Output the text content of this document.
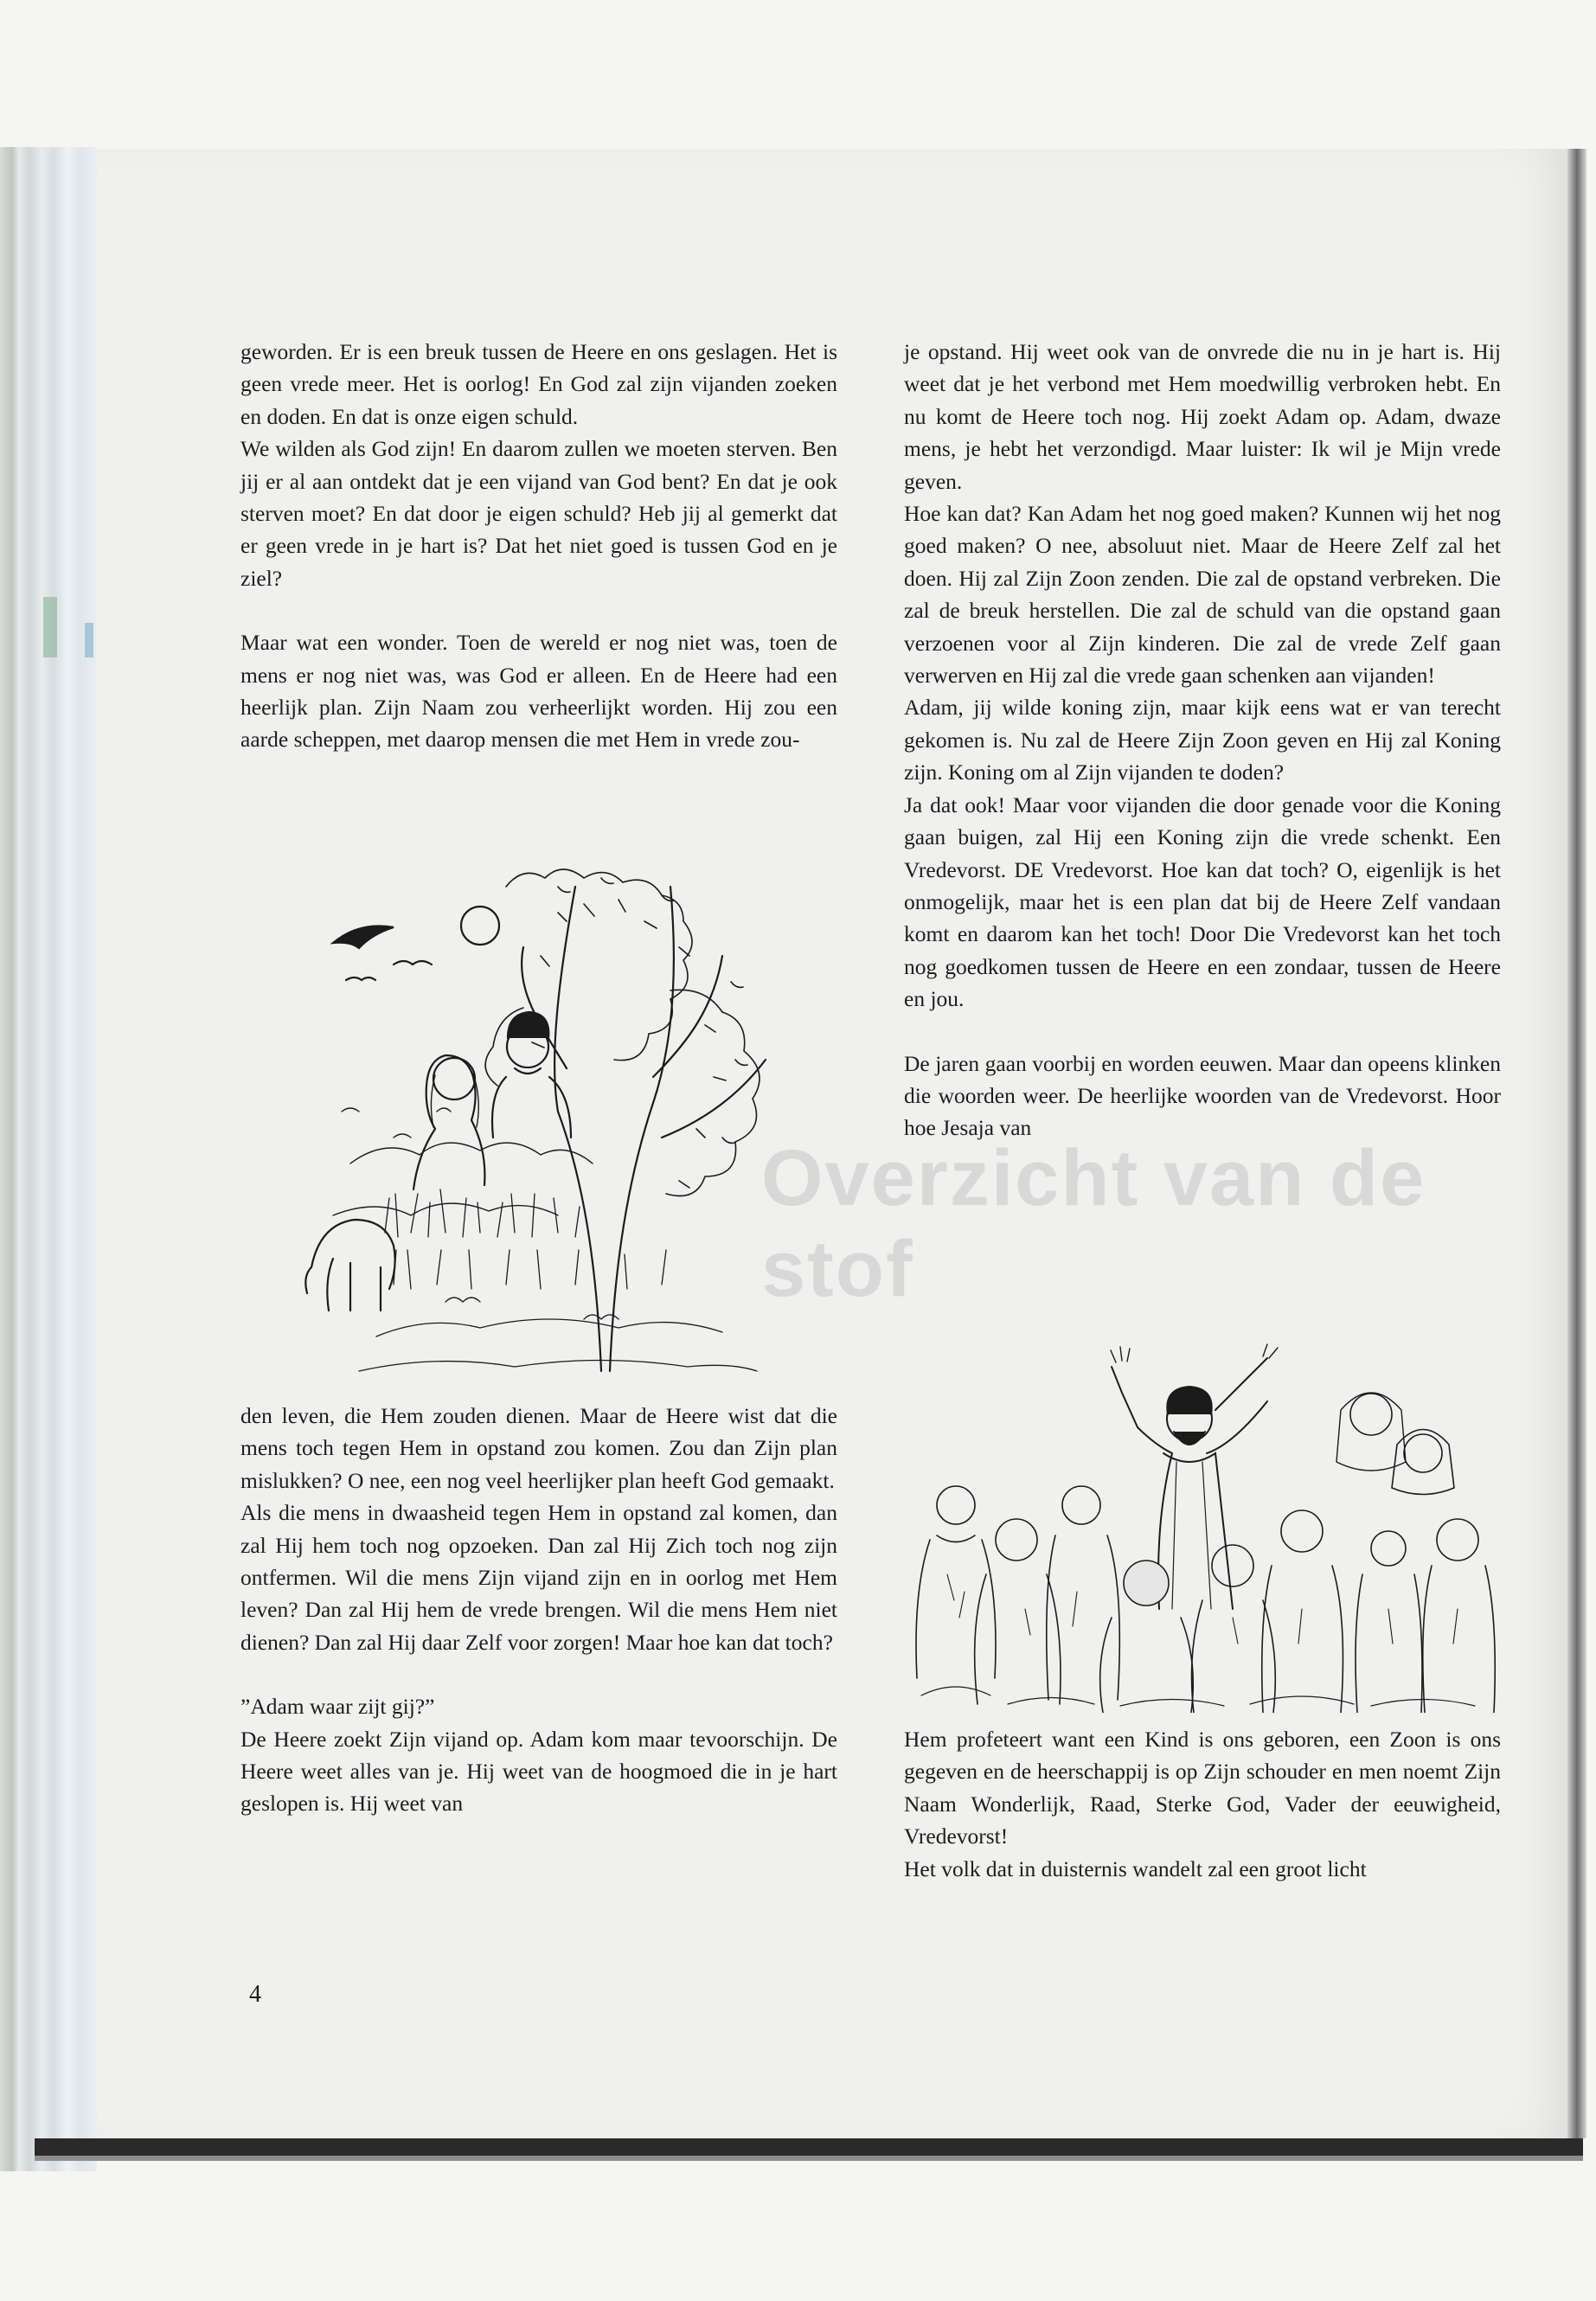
Overzicht van de stof

geworden. Er is een breuk tussen de Heere en ons geslagen. Het is geen vrede meer. Het is oorlog! En God zal zijn vijanden zoeken en doden. En dat is onze eigen schuld.

We wilden als God zijn! En daarom zullen we moeten sterven. Ben jij er al aan ontdekt dat je een vijand van God bent? En dat je ook sterven moet? En dat door je eigen schuld? Heb jij al gemerkt dat er geen vrede in je hart is? Dat het niet goed is tussen God en je ziel?

Maar wat een wonder. Toen de wereld er nog niet was, toen de mens er nog niet was, was God er alleen. En de Heere had een heerlijk plan. Zijn Naam zou verheerlijkt worden. Hij zou een aarde scheppen, met daarop mensen die met Hem in vrede zou-

den leven, die Hem zouden dienen. Maar de Heere wist dat die mens toch tegen Hem in opstand zou komen. Zou dan Zijn plan mislukken? O nee, een nog veel heerlijker plan heeft God gemaakt.

Als die mens in dwaasheid tegen Hem in opstand zal komen, dan zal Hij hem toch nog opzoeken. Dan zal Hij Zich toch nog zijn ontfermen. Wil die mens Zijn vijand zijn en in oorlog met Hem leven? Dan zal Hij hem de vrede brengen. Wil die mens Hem niet dienen? Dan zal Hij daar Zelf voor zorgen! Maar hoe kan dat toch?

”Adam waar zijt gij?”

De Heere zoekt Zijn vijand op. Adam kom maar tevoorschijn. De Heere weet alles van je. Hij weet van de hoogmoed die in je hart geslopen is. Hij weet van

je opstand. Hij weet ook van de onvrede die nu in je hart is. Hij weet dat je het verbond met Hem moedwillig verbroken hebt. En nu komt de Heere toch nog. Hij zoekt Adam op. Adam, dwaze mens, je hebt het verzondigd. Maar luister: Ik wil je Mijn vrede geven.

Hoe kan dat? Kan Adam het nog goed maken? Kunnen wij het nog goed maken? O nee, absoluut niet. Maar de Heere Zelf zal het doen. Hij zal Zijn Zoon zenden. Die zal de opstand verbreken. Die zal de breuk herstellen. Die zal de schuld van die opstand gaan verzoenen voor al Zijn kinderen. Die zal de vrede Zelf gaan verwerven en Hij zal die vrede gaan schenken aan vijanden!

Adam, jij wilde koning zijn, maar kijk eens wat er van terecht gekomen is. Nu zal de Heere Zijn Zoon geven en Hij zal Koning zijn. Koning om al Zijn vijanden te doden?

Ja dat ook! Maar voor vijanden die door genade voor die Koning gaan buigen, zal Hij een Koning zijn die vrede schenkt. Een Vredevorst. DE Vredevorst. Hoe kan dat toch? O, eigenlijk is het onmogelijk, maar het is een plan dat bij de Heere Zelf vandaan komt en daarom kan het toch! Door Die Vredevorst kan het toch nog goedkomen tussen de Heere en een zondaar, tussen de Heere en jou.

De jaren gaan voorbij en worden eeuwen. Maar dan opeens klinken die woorden weer. De heerlijke woorden van de Vredevorst. Hoor hoe Jesaja van

Hem profeteert want een Kind is ons geboren, een Zoon is ons gegeven en de heerschappij is op Zijn schouder en men noemt Zijn Naam Wonderlijk, Raad, Sterke God, Vader der eeuwigheid, Vredevorst!

Het volk dat in duisternis wandelt zal een groot licht

4
